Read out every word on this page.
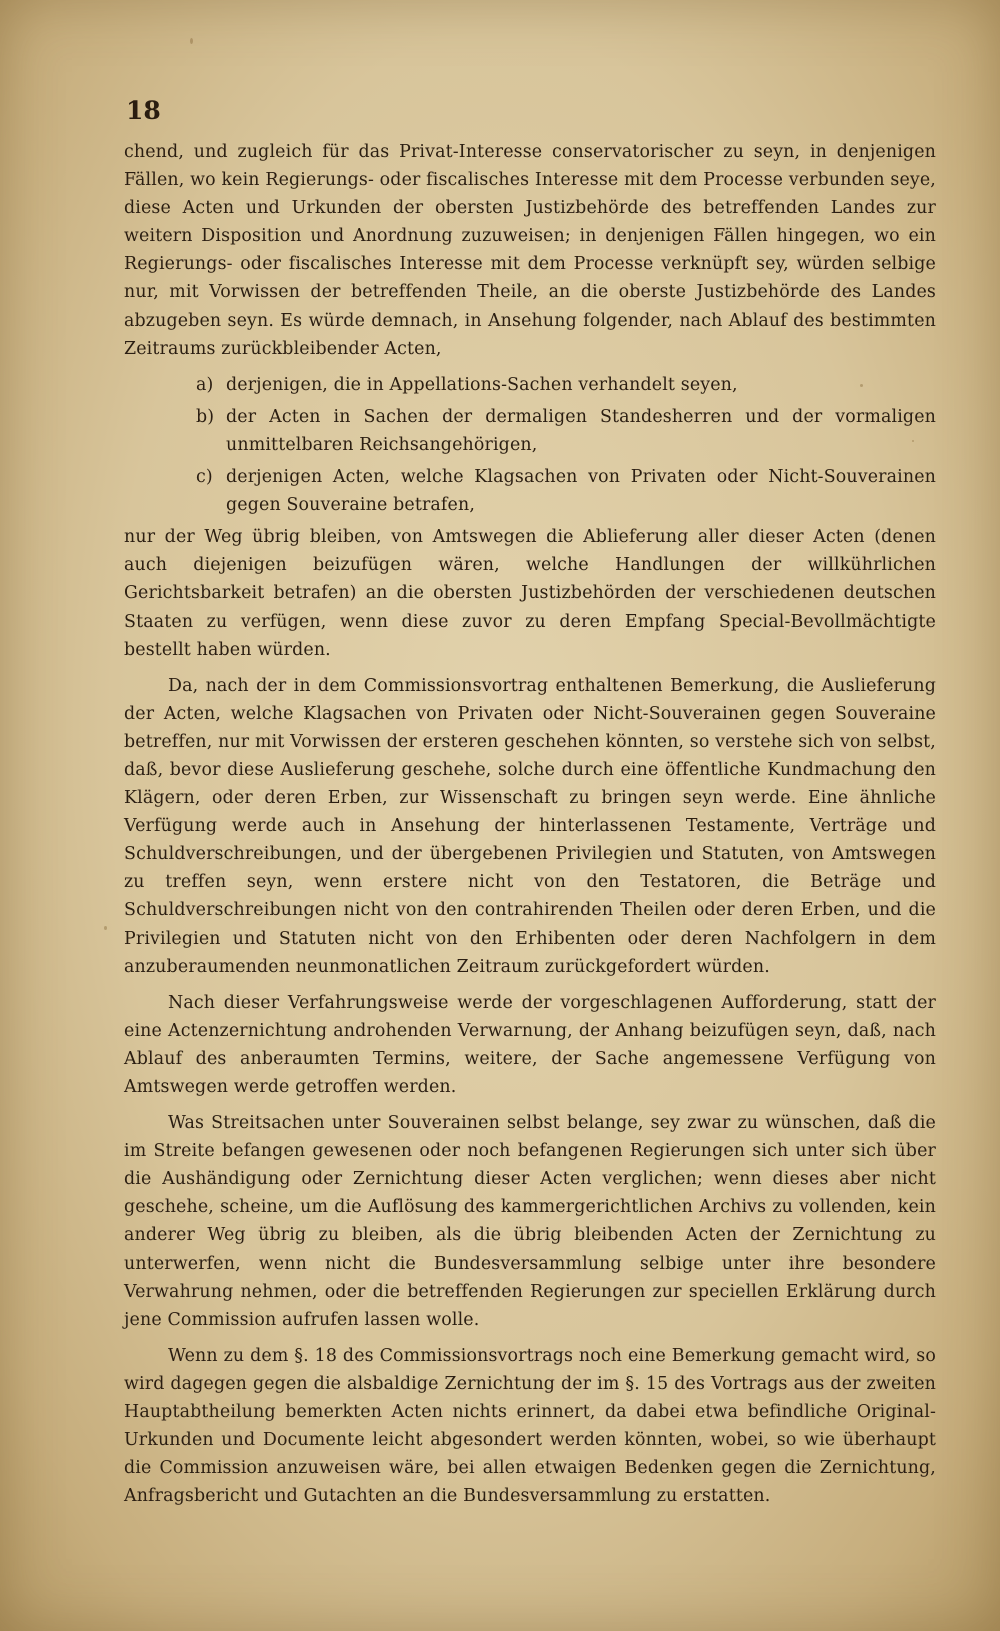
18

chend, und zugleich für das Privat-Interesse conservatorischer zu seyn, in denjenigen Fällen, wo kein Regierungs- oder fiscalisches Interesse mit dem Processe verbunden seye, diese Acten und Urkunden der obersten Justizbehörde des betreffenden Landes zur weitern Disposition und Anordnung zuzuweisen; in denjenigen Fällen hingegen, wo ein Regierungs- oder fiscalisches Interesse mit dem Processe verknüpft sey, würden selbige nur, mit Vorwissen der betreffenden Theile, an die oberste Justizbehörde des Landes abzugeben seyn. Es würde demnach, in Ansehung folgender, nach Ablauf des bestimmten Zeitraums zurückbleibender Acten,

a) derjenigen, die in Appellations-Sachen verhandelt seyen,
b) der Acten in Sachen der dermaligen Standesherren und der vormaligen unmittelbaren Reichsangehörigen,
c) derjenigen Acten, welche Klagsachen von Privaten oder Nicht-Souverainen gegen Souveraine betrafen,

nur der Weg übrig bleiben, von Amtswegen die Ablieferung aller dieser Acten (denen auch diejenigen beizufügen wären, welche Handlungen der willkührlichen Gerichtsbarkeit betrafen) an die obersten Justizbehörden der verschiedenen deutschen Staaten zu verfügen, wenn diese zuvor zu deren Empfang Special-Bevollmächtigte bestellt haben würden.

Da, nach der in dem Commissionsvortrag enthaltenen Bemerkung, die Auslieferung der Acten, welche Klagsachen von Privaten oder Nicht-Souverainen gegen Souveraine betreffen, nur mit Vorwissen der ersteren geschehen könnten, so verstehe sich von selbst, daß, bevor diese Auslieferung geschehe, solche durch eine öffentliche Kundmachung den Klägern, oder deren Erben, zur Wissenschaft zu bringen seyn werde. Eine ähnliche Verfügung werde auch in Ansehung der hinterlassenen Testamente, Verträge und Schuldverschreibungen, und der übergebenen Privilegien und Statuten, von Amtswegen zu treffen seyn, wenn erstere nicht von den Testatoren, die Beträge und Schuldverschreibungen nicht von den contrahirenden Theilen oder deren Erben, und die Privilegien und Statuten nicht von den Erhibenten oder deren Nachfolgern in dem anzuberaumenden neunmonatlichen Zeitraum zurückgefordert würden.

Nach dieser Verfahrungsweise werde der vorgeschlagenen Aufforderung, statt der eine Actenzernichtung androhenden Verwarnung, der Anhang beizufügen seyn, daß, nach Ablauf des anberaumten Termins, weitere, der Sache angemessene Verfügung von Amtswegen werde getroffen werden.

Was Streitsachen unter Souverainen selbst belange, sey zwar zu wünschen, daß die im Streite befangen gewesenen oder noch befangenen Regierungen sich unter sich über die Aushändigung oder Zernichtung dieser Acten verglichen; wenn dieses aber nicht geschehe, scheine, um die Auflösung des kammergerichtlichen Archivs zu vollenden, kein anderer Weg übrig zu bleiben, als die übrig bleibenden Acten der Zernichtung zu unterwerfen, wenn nicht die Bundesversammlung selbige unter ihre besondere Verwahrung nehmen, oder die betreffenden Regierungen zur speciellen Erklärung durch jene Commission aufrufen lassen wolle.

Wenn zu dem §. 18 des Commissionsvortrags noch eine Bemerkung gemacht wird, so wird dagegen gegen die alsbaldige Zernichtung der im §. 15 des Vortrags aus der zweiten Hauptabtheilung bemerkten Acten nichts erinnert, da dabei etwa befindliche Original-Urkunden und Documente leicht abgesondert werden könnten, wobei, so wie überhaupt die Commission anzuweisen wäre, bei allen etwaigen Bedenken gegen die Zernichtung, Anfragsbericht und Gutachten an die Bundesversammlung zu erstatten.
